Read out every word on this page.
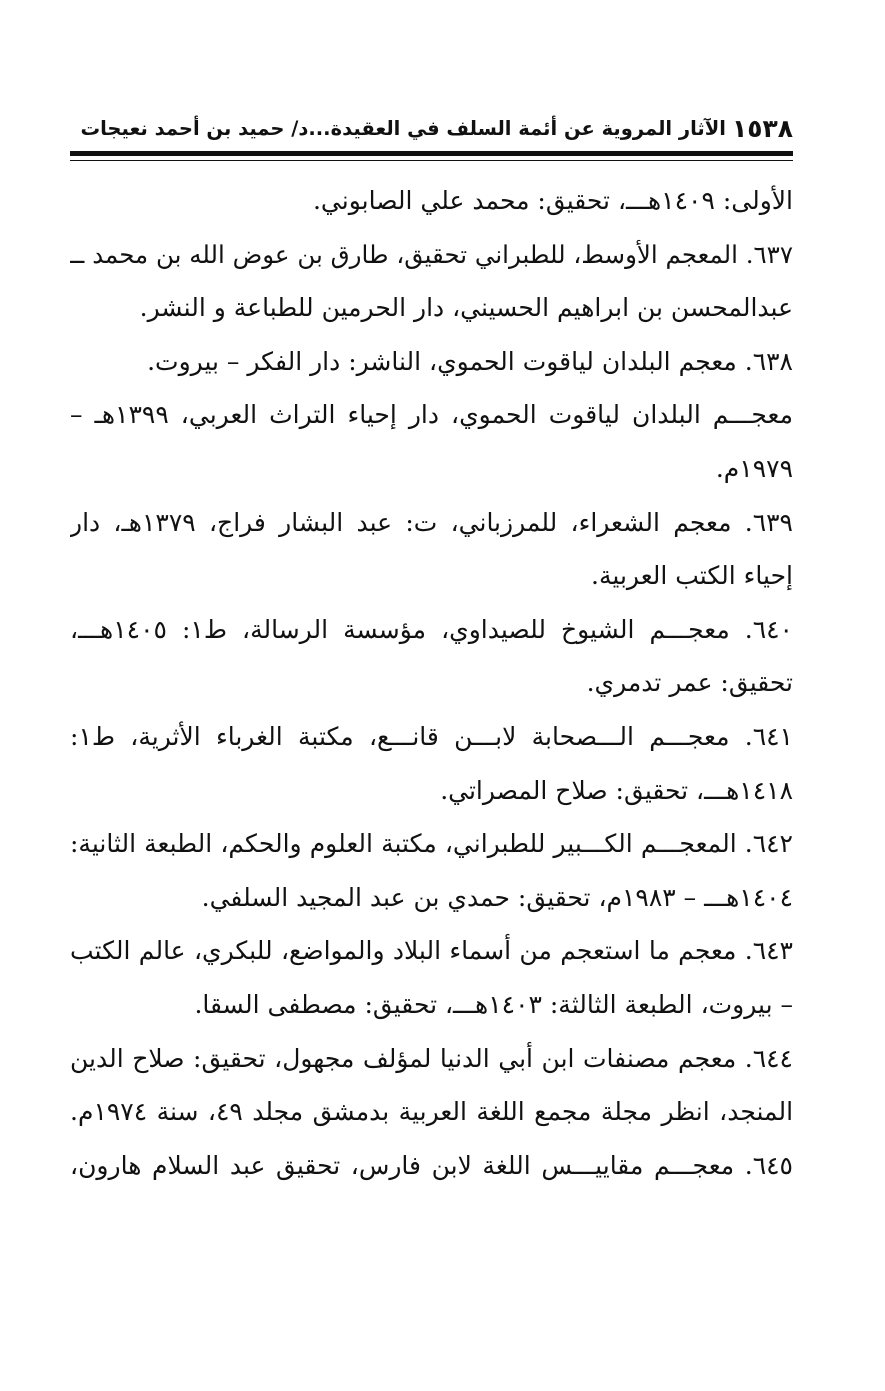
١٥٣٨
الآثار المروية عن أئمة السلف في العقيدة...د/ حميد بن أحمد نعيجات
الأولى: ١٤٠٩هـــ، تحقيق: محمد علي الصابوني.
٦٣٧. المعجم الأوسط، للطبراني تحقيق، طارق بن عوض الله بن محمد ــ
عبدالمحسن بن ابراهيم الحسيني، دار الحرمين للطباعة و النشر.
٦٣٨. معجم البلدان لياقوت الحموي، الناشر: دار الفكر – بيروت.
معجـــم البلدان لياقوت الحموي، دار إحياء التراث العربي، ١٣٩٩هـ –
١٩٧٩م.
٦٣٩. معجم الشعراء، للمرزباني، ت: عبد البشار فراج، ١٣٧٩هـ، دار
إحياء الكتب العربية.
٦٤٠. معجـــم الشيوخ للصيداوي، مؤسسة الرسالة، ط١: ١٤٠٥هـــ،
تحقيق: عمر تدمري.
٦٤١. معجـــم الـــصحابة لابـــن قانـــع، مكتبة الغرباء الأثرية، ط١:
١٤١٨هـــ، تحقيق: صلاح المصراتي.
٦٤٢. المعجـــم الكـــبير للطبراني، مكتبة العلوم والحكم، الطبعة الثانية:
١٤٠٤هـــ – ١٩٨٣م، تحقيق: حمدي بن عبد المجيد السلفي.
٦٤٣. معجم ما استعجم من أسماء البلاد والمواضع، للبكري، عالم الكتب
– بيروت، الطبعة الثالثة: ١٤٠٣هـــ، تحقيق: مصطفى السقا.
٦٤٤. معجم مصنفات ابن أبي الدنيا لمؤلف مجهول، تحقيق: صلاح الدين
المنجد، انظر مجلة مجمع اللغة العربية بدمشق مجلد ٤٩، سنة ١٩٧٤م.
٦٤٥. معجـــم مقاييـــس اللغة لابن فارس، تحقيق عبد السلام هارون،
